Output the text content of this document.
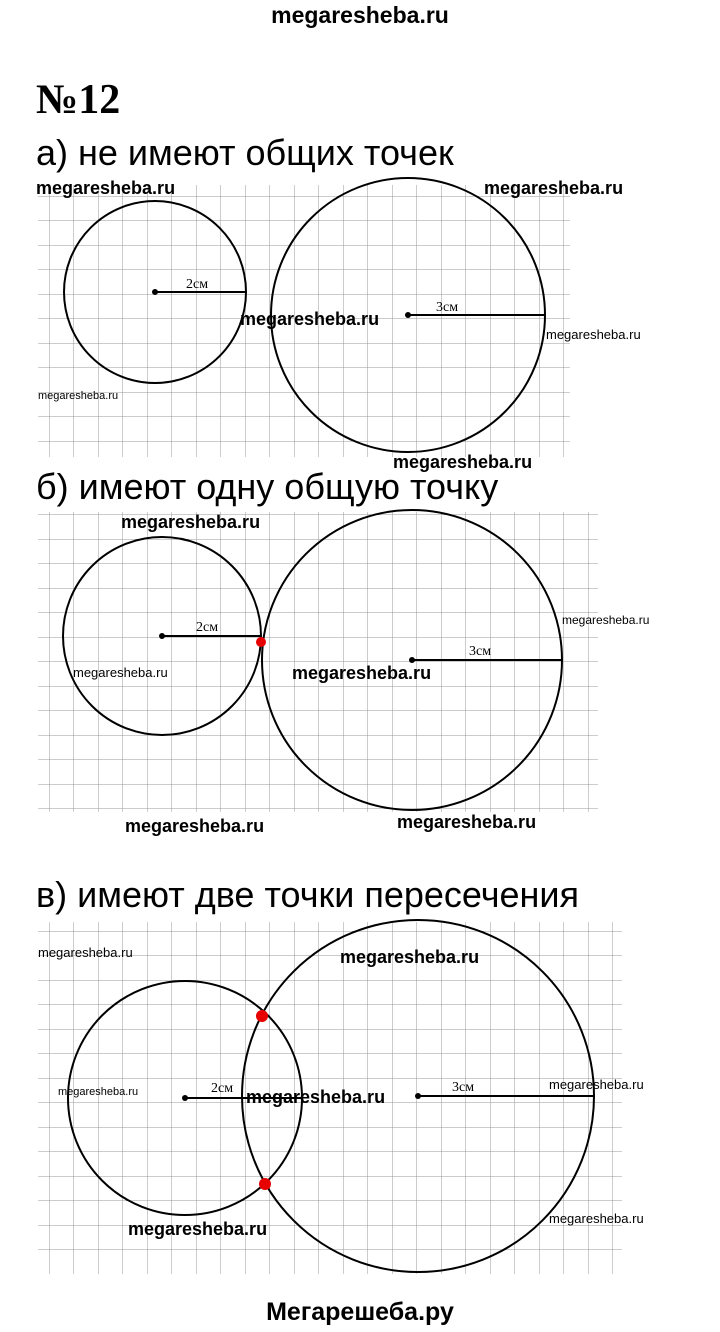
megaresheba.ru
№12
а) не имеют общих точек
б) имеют одну общую точку
в) имеют две точки пересечения
2см
3см
2см
3см
2см	3см
megaresheba.ru	megaresheba.ru
megaresheba.ru
megaresheba.ru
megaresheba.ru
megaresheba.ru
megaresheba.ru
megaresheba.ru
megaresheba.ru	megaresheba.ru
megaresheba.ru	megaresheba.ru
megaresheba.ru	megaresheba.ru
megaresheba.ru	megaresheba.ru
megaresheba.ru
megaresheba.ru
megaresheba.ru
Мегарешеба.ру
